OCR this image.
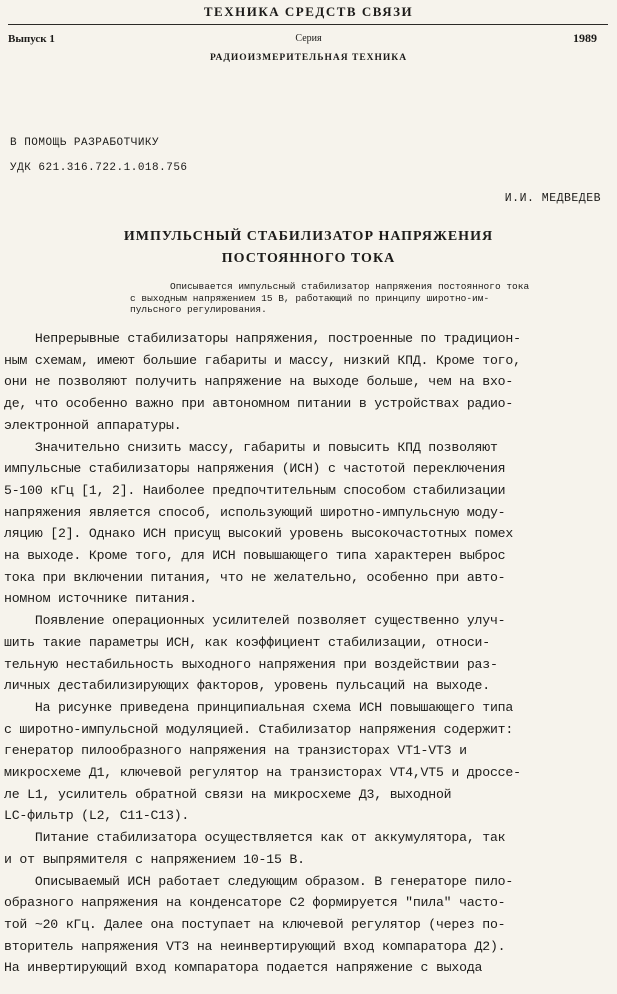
ТЕХНИКА СРЕДСТВ СВЯЗИ
Выпуск 1	Серия	1989
РАДИОИЗМЕРИТЕЛЬНАЯ ТЕХНИКА
В ПОМОЩЬ РАЗРАБОТЧИКУ
УДК 621.316.722.1.018.756
И.И. МЕДВЕДЕВ
ИМПУЛЬСНЫЙ СТАБИЛИЗАТОР НАПРЯЖЕНИЯ
ПОСТОЯННОГО ТОКА
Описывается импульсный стабилизатор напряжения постоянного тока
с выходным напряжением 15 В, работающий по принципу широтно-им-
пульсного регулирования.
Непрерывные стабилизаторы напряжения, построенные по традицион-
ным схемам, имеют большие габариты и массу, низкий КПД. Кроме того,
они не позволяют получить напряжение на выходе больше, чем на вхо-
де, что особенно важно при автономном питании в устройствах радио-
электронной аппаратуры.
Значительно снизить массу, габариты и повысить КПД позволяют
импульсные стабилизаторы напряжения (ИСН) с частотой переключения
5-100 кГц [1, 2]. Наиболее предпочтительным способом стабилизации
напряжения является способ, использующий широтно-импульсную моду-
ляцию [2]. Однако ИСН присущ высокий уровень высокочастотных помех
на выходе. Кроме того, для ИСН повышающего типа характерен выброс
тока при включении питания, что не желательно, особенно при авто-
номном источнике питания.
Появление операционных усилителей позволяет существенно улуч-
шить такие параметры ИСН, как коэффициент стабилизации, относи-
тельную нестабильность выходного напряжения при воздействии раз-
личных дестабилизирующих факторов, уровень пульсаций на выходе.
На рисунке приведена принципиальная схема ИСН повышающего типа
с широтно-импульсной модуляцией. Стабилизатор напряжения содержит:
генератор пилообразного напряжения на транзисторах VT1-VT3 и
микросхеме Д1, ключевой регулятор на транзисторах VT4,VT5 и дроссе-
ле L1, усилитель обратной связи на микросхеме Д3, выходной
LC-фильтр (L2, C11-C13).
Питание стабилизатора осуществляется как от аккумулятора, так
и от выпрямителя с напряжением 10-15 В.
Описываемый ИСН работает следующим образом. В генераторе пило-
образного напряжения на конденсаторе С2 формируется "пила" часто-
той ~20 кГц. Далее она поступает на ключевой регулятор (через по-
вторитель напряжения VT3 на неинвертирующий вход компаратора Д2).
На инвертирующий вход компаратора подается напряжение с выхода
